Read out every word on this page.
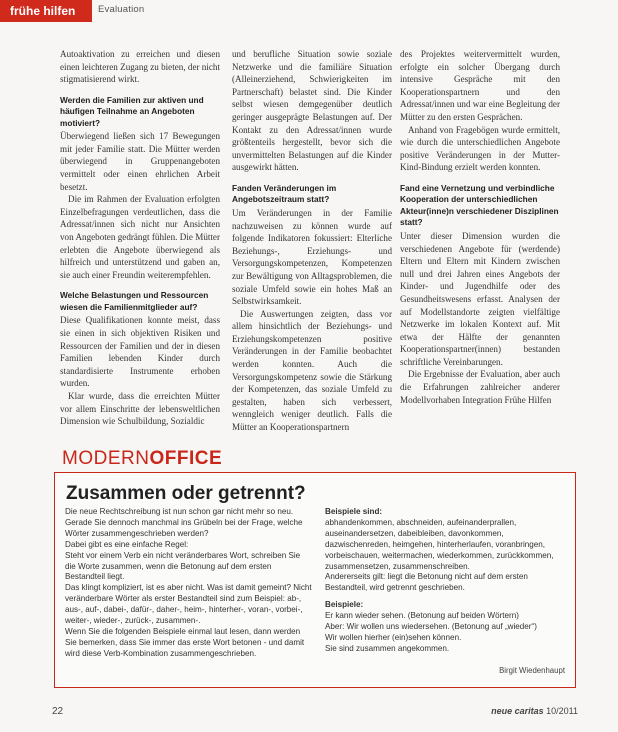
frühe hilfen	Evaluation

Autoaktivation zu erreichen und diesen einen leichteren Zugang zu bieten, der nicht stigmatisierend wirkt.

Werden die Familien zur aktiven und häufigen Teilnahme an Angeboten motiviert?

Überwiegend ließen sich 17 Bewegungen mit jeder Familie statt. Die Mütter werden überwiegend in Gruppenangeboten vermittelt oder einen ehrlichen Arbeit besetzt.

Die im Rahmen der Evaluation erfolgten Einzelbefragungen verdeutlichen, dass die Adressat/innen sich nicht nur Ansichten von Angeboten gedrängt fühlen. Die Mütter erlebten die Angebote überwiegend als hilfreich und unterstützend und gaben an, sie auch einer Freundin weiterempfehlen.

Welche Belastungen und Ressourcen wiesen die Familienmitglieder auf?

Diese Qualifikationen konnte meist, dass sie einen in sich objektiven Risiken und Ressourcen der Familien und der in diesen Familien lebenden Kinder durch standardisierte Instrumente erhoben wurden.

Klar wurde, dass die erreichten Mütter vor allem Einschritte der lebensweltlichen Dimension wie Schulbildung, Sozialdic

und berufliche Situation sowie soziale Netzwerke und die familiäre Situation (Alleinerziehend, Schwierigkeiten im Partnerschaft) belastet sind. Die Kinder selbst wiesen demgegenüber deutlich geringer ausgeprägte Belastungen auf. Der Kontakt zu den Adressat/innen wurde größtenteils hergestellt, bevor sich die unvermittelten Belastungen auf die Kinder ausgewirkt hätten.

Fanden Veränderungen im Angebotszeitraum statt?

Um Veränderungen in der Familie nachzuweisen zu können wurde auf folgende Indikatoren fokussiert: Elterliche Beziehungs-, Erziehungs- und Versorgungskompetenzen, Kompetenzen zur Bewältigung von Alltagsproblemen, die soziale Umfeld sowie ein hohes Maß an Selbstwirksamkeit.

Die Auswertungen zeigten, dass vor allem hinsichtlich der Beziehungs- und Erziehungskompetenzen positive Veränderungen in der Familie beobachtet werden konnten. Auch die Versorgungskompetenz sowie die Stärkung der Kompetenzen, das soziale Umfeld zu gestalten, haben sich verbessert, wenngleich weniger deutlich. Falls die Mütter an Kooperationspartnern

des Projektes weitervermittelt wurden, erfolgte ein solcher Übergang durch intensive Gespräche mit den Kooperationspartnern und den Adressat/innen und war eine Begleitung der Mütter zu den ersten Gesprächen.

Anhand von Fragebögen wurde ermittelt, wie durch die unterschiedlichen Angebote positive Veränderungen in der Mutter-Kind-Bindung erzielt werden konnten.

Fand eine Vernetzung und verbindliche Kooperation der unterschiedlichen Akteur(inne)n verschiedener Disziplinen statt?

Unter dieser Dimension wurden die verschiedenen Angebote für (werdende) Eltern und Eltern mit Kindern zwischen null und drei Jahren eines Angebots der Kinder- und Jugendhilfe oder des Gesundheitswesens erfasst. Analysen der auf Modellstandorte zeigten vielfältige Netzwerke im lokalen Kontext auf. Mit etwa der Hälfte der genannten Kooperationspartner(innen) bestanden schriftliche Vereinbarungen.

Die Ergebnisse der Evaluation, aber auch die Erfahrungen zahlreicher anderer Modellvorhaben Integration Frühe Hilfen

MODERNOFFICE
Zusammen oder getrennt?

Die neue Rechtschreibung ist nun schon gar nicht mehr so neu. Gerade Sie dennoch manchmal ins Grübeln bei der Frage, welche Wörter zusammengeschrieben werden?

Dabei gibt es eine einfache Regel:

Steht vor einem Verb ein nicht veränderbares Wort, schreiben Sie die Worte zusammen, wenn die Betonung auf dem ersten Bestandteil liegt.

Das klingt kompliziert, ist es aber nicht. Was ist damit gemeint? Nicht veränderbare Wörter als erster Bestandteil sind zum Beispiel: ab-, aus-, auf-, dabei-, dafür-, daher-, heim-, hinterher-, voran-, vorbei-, weiter-, wieder-, zurück-, zusammen-.

Wenn Sie die folgenden Beispiele einmal laut lesen, dann werden Sie bemerken, dass Sie immer das erste Wort betonen - und damit wird diese Verb-Kombination zusammengeschrieben.

Beispiele sind:

abhandenkommen, abschneiden, aufeinanderprallen, auseinandersetzen, dabeibleiben, davonkommen, dazwischenreden, heimgehen, hinterherlaufen, voranbringen, vorbeischauen, weitermachen, wiederkommen, zurückkommen, zusammensetzen, zusammenschreiben.

Andererseits gilt: liegt die Betonung nicht auf dem ersten Bestandteil, wird getrennt geschrieben.

Beispiele:

Er kann wieder sehen. (Betonung auf beiden Wörtern)

Aber: Wir wollen uns wiedersehen. (Betonung auf „wieder“)

Wir wollen hierher (ein)sehen können.

Sie sind zusammen angekommen.

Birgit Wiedenhaupt
22	neue caritas 10/2011
